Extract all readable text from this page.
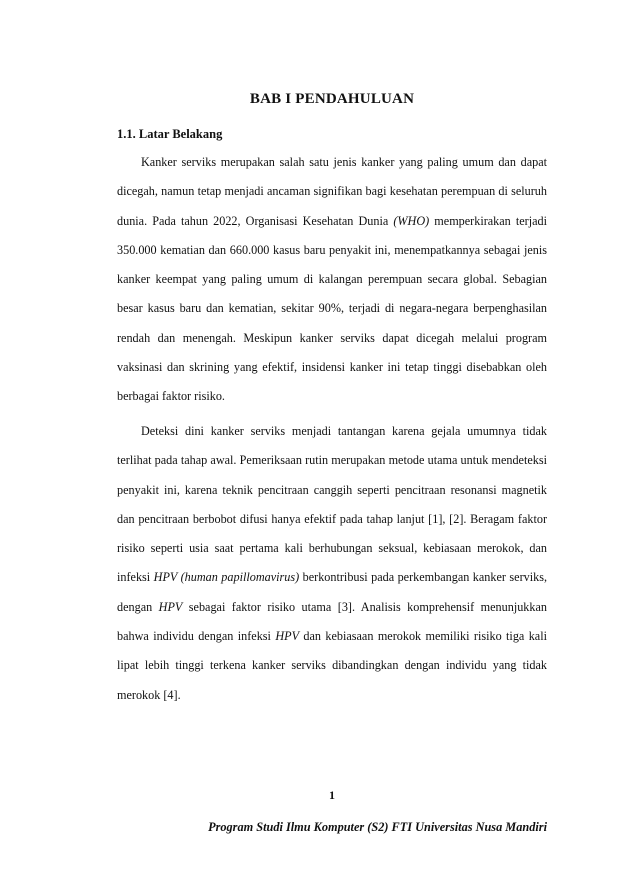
BAB I PENDAHULUAN
1.1. Latar Belakang

Kanker serviks merupakan salah satu jenis kanker yang paling umum dan dapat dicegah, namun tetap menjadi ancaman signifikan bagi kesehatan perempuan di seluruh dunia. Pada tahun 2022, Organisasi Kesehatan Dunia (WHO) memperkirakan terjadi 350.000 kematian dan 660.000 kasus baru penyakit ini, menempatkannya sebagai jenis kanker keempat yang paling umum di kalangan perempuan secara global. Sebagian besar kasus baru dan kematian, sekitar 90%, terjadi di negara-negara berpenghasilan rendah dan menengah. Meskipun kanker serviks dapat dicegah melalui program vaksinasi dan skrining yang efektif, insidensi kanker ini tetap tinggi disebabkan oleh berbagai faktor risiko.

Deteksi dini kanker serviks menjadi tantangan karena gejala umumnya tidak terlihat pada tahap awal. Pemeriksaan rutin merupakan metode utama untuk mendeteksi penyakit ini, karena teknik pencitraan canggih seperti pencitraan resonansi magnetik dan pencitraan berbobot difusi hanya efektif pada tahap lanjut [1], [2]. Beragam faktor risiko seperti usia saat pertama kali berhubungan seksual, kebiasaan merokok, dan infeksi HPV (human papillomavirus) berkontribusi pada perkembangan kanker serviks, dengan HPV sebagai faktor risiko utama [3]. Analisis komprehensif menunjukkan bahwa individu dengan infeksi HPV dan kebiasaan merokok memiliki risiko tiga kali lipat lebih tinggi terkena kanker serviks dibandingkan dengan individu yang tidak merokok [4].

1
Program Studi Ilmu Komputer (S2) FTI Universitas Nusa Mandiri
